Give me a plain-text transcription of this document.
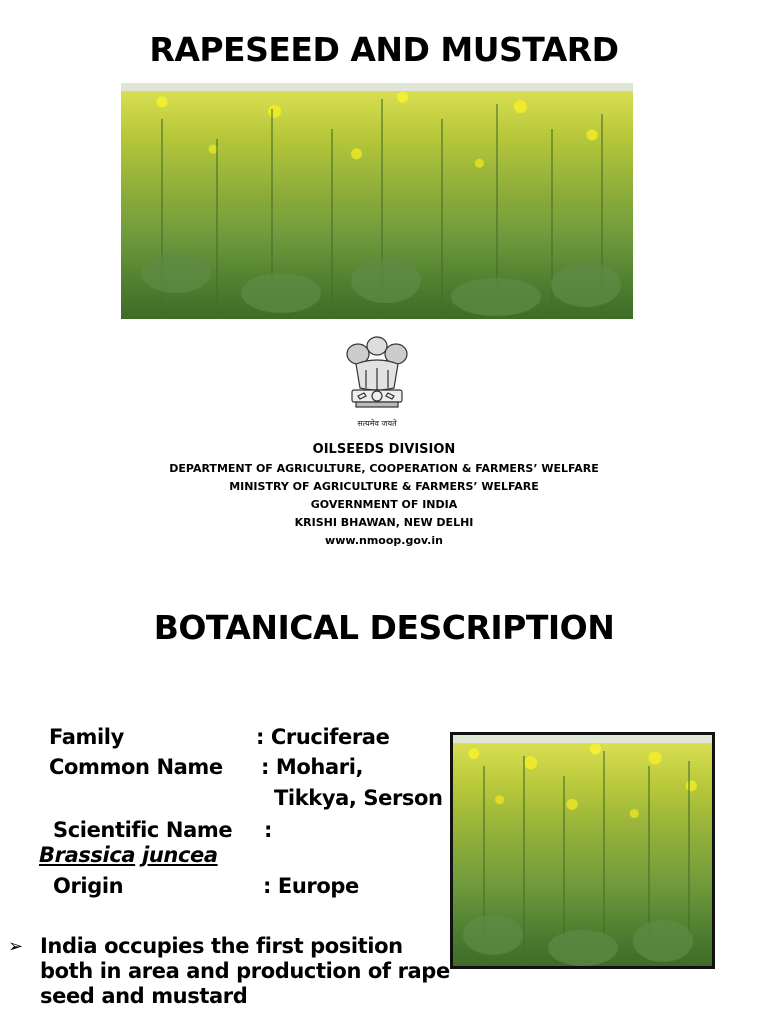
RAPESEED AND MUSTARD
सत्यमेव जयते
OILSEEDS DIVISION
DEPARTMENT OF AGRICULTURE, COOPERATION & FARMERS’ WELFARE
MINISTRY OF AGRICULTURE & FARMERS’ WELFARE
GOVERNMENT OF INDIA
KRISHI BHAWAN, NEW DELHI
www.nmoop.gov.in
BOTANICAL DESCRIPTION
Family	: Cruciferae
Common Name : Mohari,
Tikkya, Serson
Scientific Name :
Brassica juncea
Origin	: Europe
➢ India occupies the first position both in area and production of rape seed and mustard
